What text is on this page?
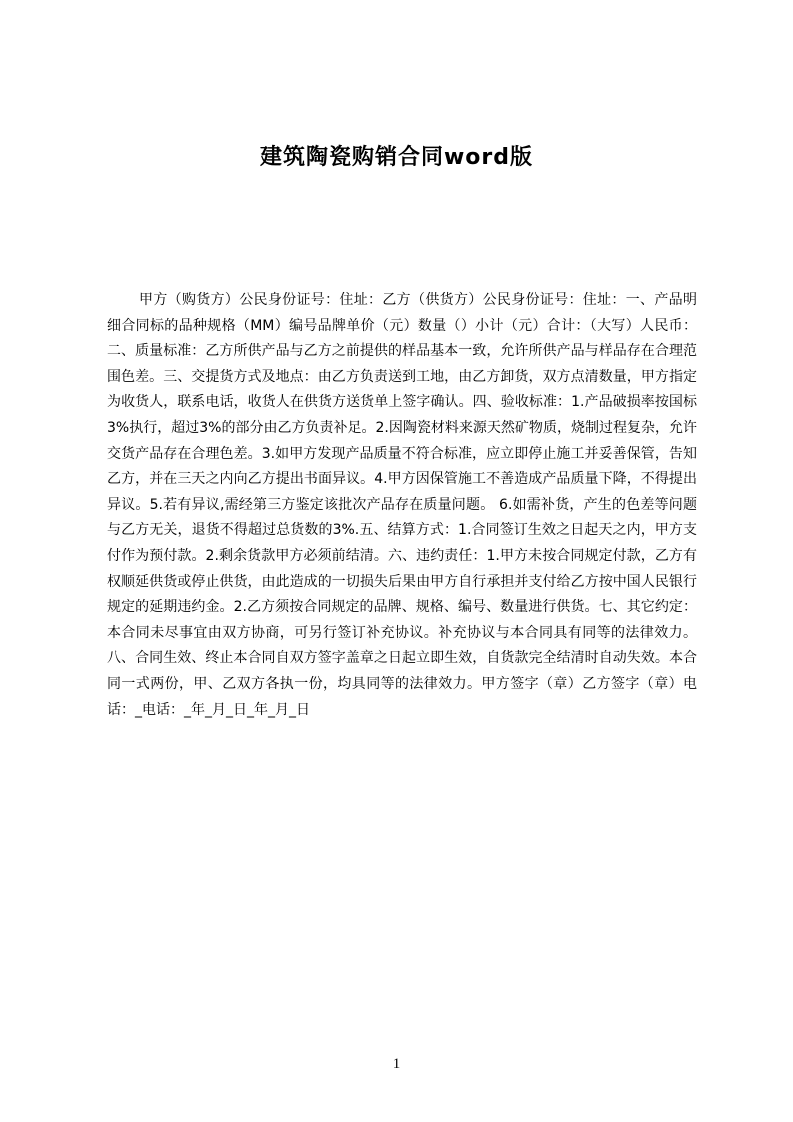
建筑陶瓷购销合同word版
甲方（购货方）公民身份证号：住址：乙方（供货方）公民身份证号：住址：一、产品明细合同标的品种规格（MM）编号品牌单价（元）数量（）小计（元）合计：（大写）人民币：二、质量标准：乙方所供产品与乙方之前提供的样品基本一致，允许所供产品与样品存在合理范围色差。三、交提货方式及地点：由乙方负责送到工地，由乙方卸货，双方点清数量，甲方指定为收货人，联系电话，收货人在供货方送货单上签字确认。四、验收标准：1.产品破损率按国标3%执行，超过3%的部分由乙方负责补足。2.因陶瓷材料来源天然矿物质，烧制过程复杂，允许交货产品存在合理色差。3.如甲方发现产品质量不符合标准，应立即停止施工并妥善保管，告知乙方，并在三天之内向乙方提出书面异议。4.甲方因保管施工不善造成产品质量下降，不得提出异议。5.若有异议,需经第三方鉴定该批次产品存在质量问题。 6.如需补货，产生的色差等问题与乙方无关，退货不得超过总货数的3%.五、结算方式：1.合同签订生效之日起天之内，甲方支付作为预付款。2.剩余货款甲方必须前结清。六、违约责任：1.甲方未按合同规定付款，乙方有权顺延供货或停止供货，由此造成的一切损失后果由甲方自行承担并支付给乙方按中国人民银行规定的延期违约金。2.乙方须按合同规定的品牌、规格、编号、数量进行供货。七、其它约定：本合同未尽事宜由双方协商，可另行签订补充协议。补充协议与本合同具有同等的法律效力。八、合同生效、终止本合同自双方签字盖章之日起立即生效，自货款完全结清时自动失效。本合同一式两份，甲、乙双方各执一份，均具同等的法律效力。甲方签字（章）乙方签字（章）电话：_电话：_年_月_日_年_月_日
1
